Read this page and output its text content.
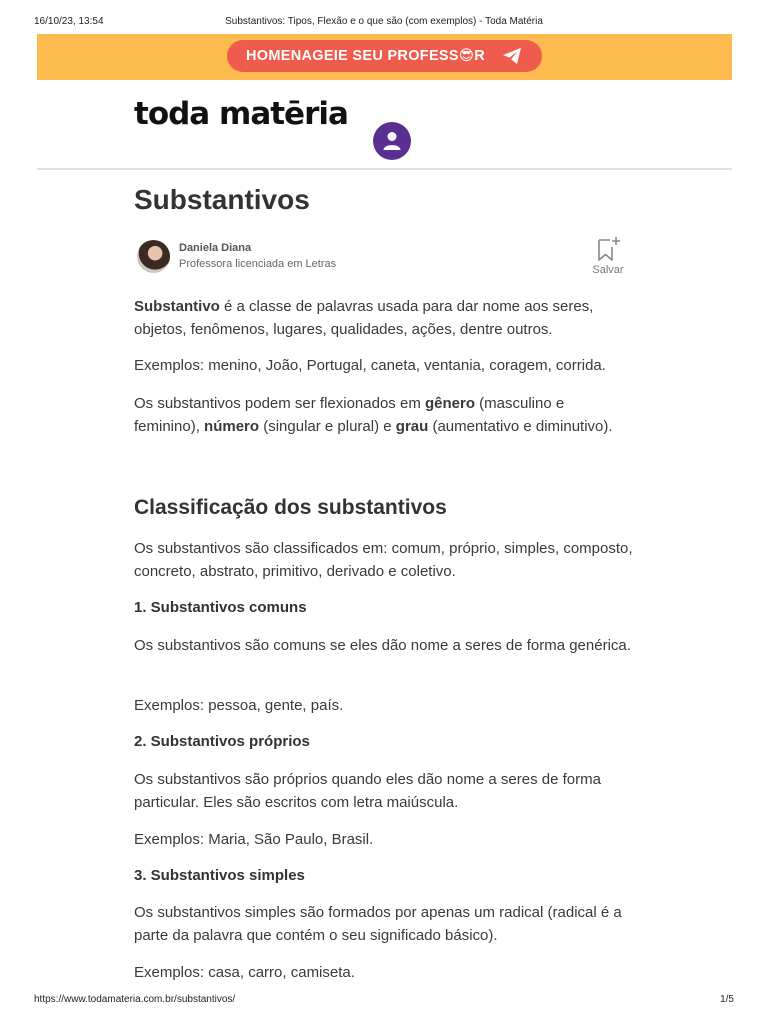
16/10/23, 13:54	Substantivos: Tipos, Flexão e o que são (com exemplos) - Toda Matéria
HOMENAGEIE SEU PROFESS😎R
toda matēria
Substantivos
Daniela Diana
Professora licenciada em Letras	Salvar

Substantivo é a classe de palavras usada para dar nome aos seres, objetos, fenômenos, lugares, qualidades, ações, dentre outros.

Exemplos: menino, João, Portugal, caneta, ventania, coragem, corrida.

Os substantivos podem ser flexionados em gênero (masculino e feminino), número (singular e plural) e grau (aumentativo e diminutivo).

Classificação dos substantivos

Os substantivos são classificados em: comum, próprio, simples, composto, concreto, abstrato, primitivo, derivado e coletivo.

1. Substantivos comuns

Os substantivos são comuns se eles dão nome a seres de forma genérica.

Exemplos: pessoa, gente, país.

2. Substantivos próprios

Os substantivos são próprios quando eles dão nome a seres de forma particular. Eles são escritos com letra maiúscula.

Exemplos: Maria, São Paulo, Brasil.

3. Substantivos simples

Os substantivos simples são formados por apenas um radical (radical é a parte da palavra que contém o seu significado básico).

Exemplos: casa, carro, camiseta.

https://www.todamateria.com.br/substantivos/	1/5
